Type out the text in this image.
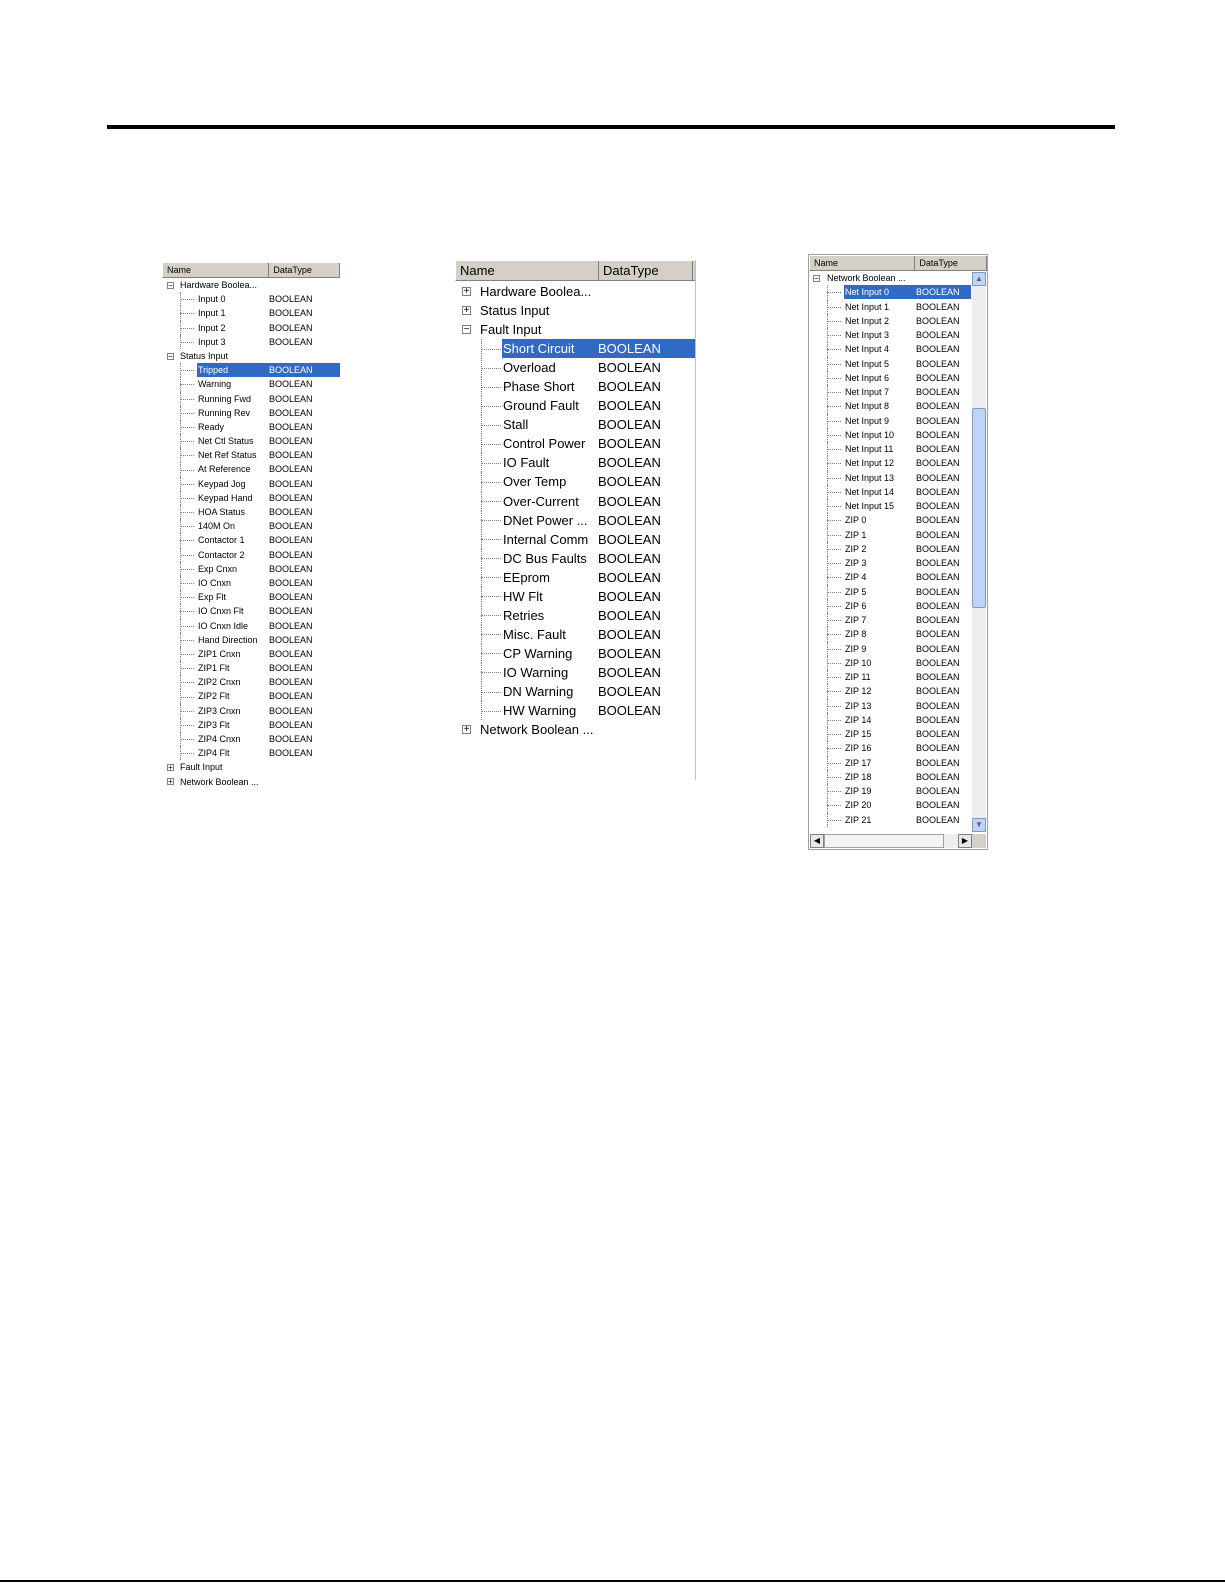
Name	DataType
− Hardware Boolea...
Input 0	BOOLEAN
Input 1	BOOLEAN
Input 2	BOOLEAN
Input 3	BOOLEAN
− Status Input
Tripped	BOOLEAN
Warning	BOOLEAN
Running Fwd BOOLEAN
Running Rev BOOLEAN
Ready	BOOLEAN
Net Ctl Status BOOLEAN
Net Ref Status BOOLEAN
At Reference BOOLEAN
Keypad Jog	BOOLEAN
Keypad Hand BOOLEAN
HOA Status	BOOLEAN
140M On	BOOLEAN
Contactor 1	BOOLEAN
Contactor 2	BOOLEAN
Exp Cnxn	BOOLEAN
IO Cnxn	BOOLEAN
Exp Flt	BOOLEAN
IO Cnxn Flt	BOOLEAN
IO Cnxn Idle BOOLEAN
Hand Direction BOOLEAN
ZIP1 Cnxn	BOOLEAN
ZIP1 Flt	BOOLEAN
ZIP2 Cnxn	BOOLEAN
ZIP2 Flt	BOOLEAN
ZIP3 Cnxn	BOOLEAN
ZIP3 Flt	BOOLEAN
ZIP4 Cnxn	BOOLEAN
ZIP4 Flt	BOOLEAN
+ Fault Input
+ Network Boolean ...
Name	DataType
+ Hardware Boolea...
+ Status Input
− Fault Input
Short Circuit	BOOLEAN
Overload	BOOLEAN
Phase Short BOOLEAN
Ground Fault BOOLEAN
Stall	BOOLEAN
Control Power BOOLEAN
IO Fault	BOOLEAN
Over Temp BOOLEAN
Over-Current BOOLEAN
DNet Power ... BOOLEAN
Internal Comm BOOLEAN
DC Bus Faults BOOLEAN
EEprom	BOOLEAN
HW Flt	BOOLEAN
Retries	BOOLEAN
Misc. Fault BOOLEAN
CP Warning BOOLEAN
IO Warning BOOLEAN
DN Warning BOOLEAN
HW Warning BOOLEAN
+ Network Boolean ...
Name	DataType
− Network Boolean ...
Net Input 0	BOOLEAN
Net Input 1	BOOLEAN
Net Input 2	BOOLEAN
Net Input 3	BOOLEAN
Net Input 4	BOOLEAN
Net Input 5	BOOLEAN
Net Input 6	BOOLEAN
Net Input 7	BOOLEAN
Net Input 8	BOOLEAN
Net Input 9	BOOLEAN
Net Input 10 BOOLEAN
Net Input 11	BOOLEAN
Net Input 12 BOOLEAN
Net Input 13 BOOLEAN
Net Input 14 BOOLEAN
Net Input 15 BOOLEAN
ZIP 0	BOOLEAN
ZIP 1	BOOLEAN
ZIP 2	BOOLEAN
ZIP 3	BOOLEAN
ZIP 4	BOOLEAN
ZIP 5	BOOLEAN
ZIP 6	BOOLEAN
ZIP 7	BOOLEAN
ZIP 8	BOOLEAN
ZIP 9	BOOLEAN
ZIP 10	BOOLEAN
ZIP 11	BOOLEAN
ZIP 12	BOOLEAN
ZIP 13	BOOLEAN
ZIP 14	BOOLEAN
ZIP 15	BOOLEAN
ZIP 16	BOOLEAN
ZIP 17	BOOLEAN
ZIP 18	BOOLEAN
ZIP 19	BOOLEAN
ZIP 20	BOOLEAN
ZIP 21	BOOLEAN
▲
▼
◀	▶
